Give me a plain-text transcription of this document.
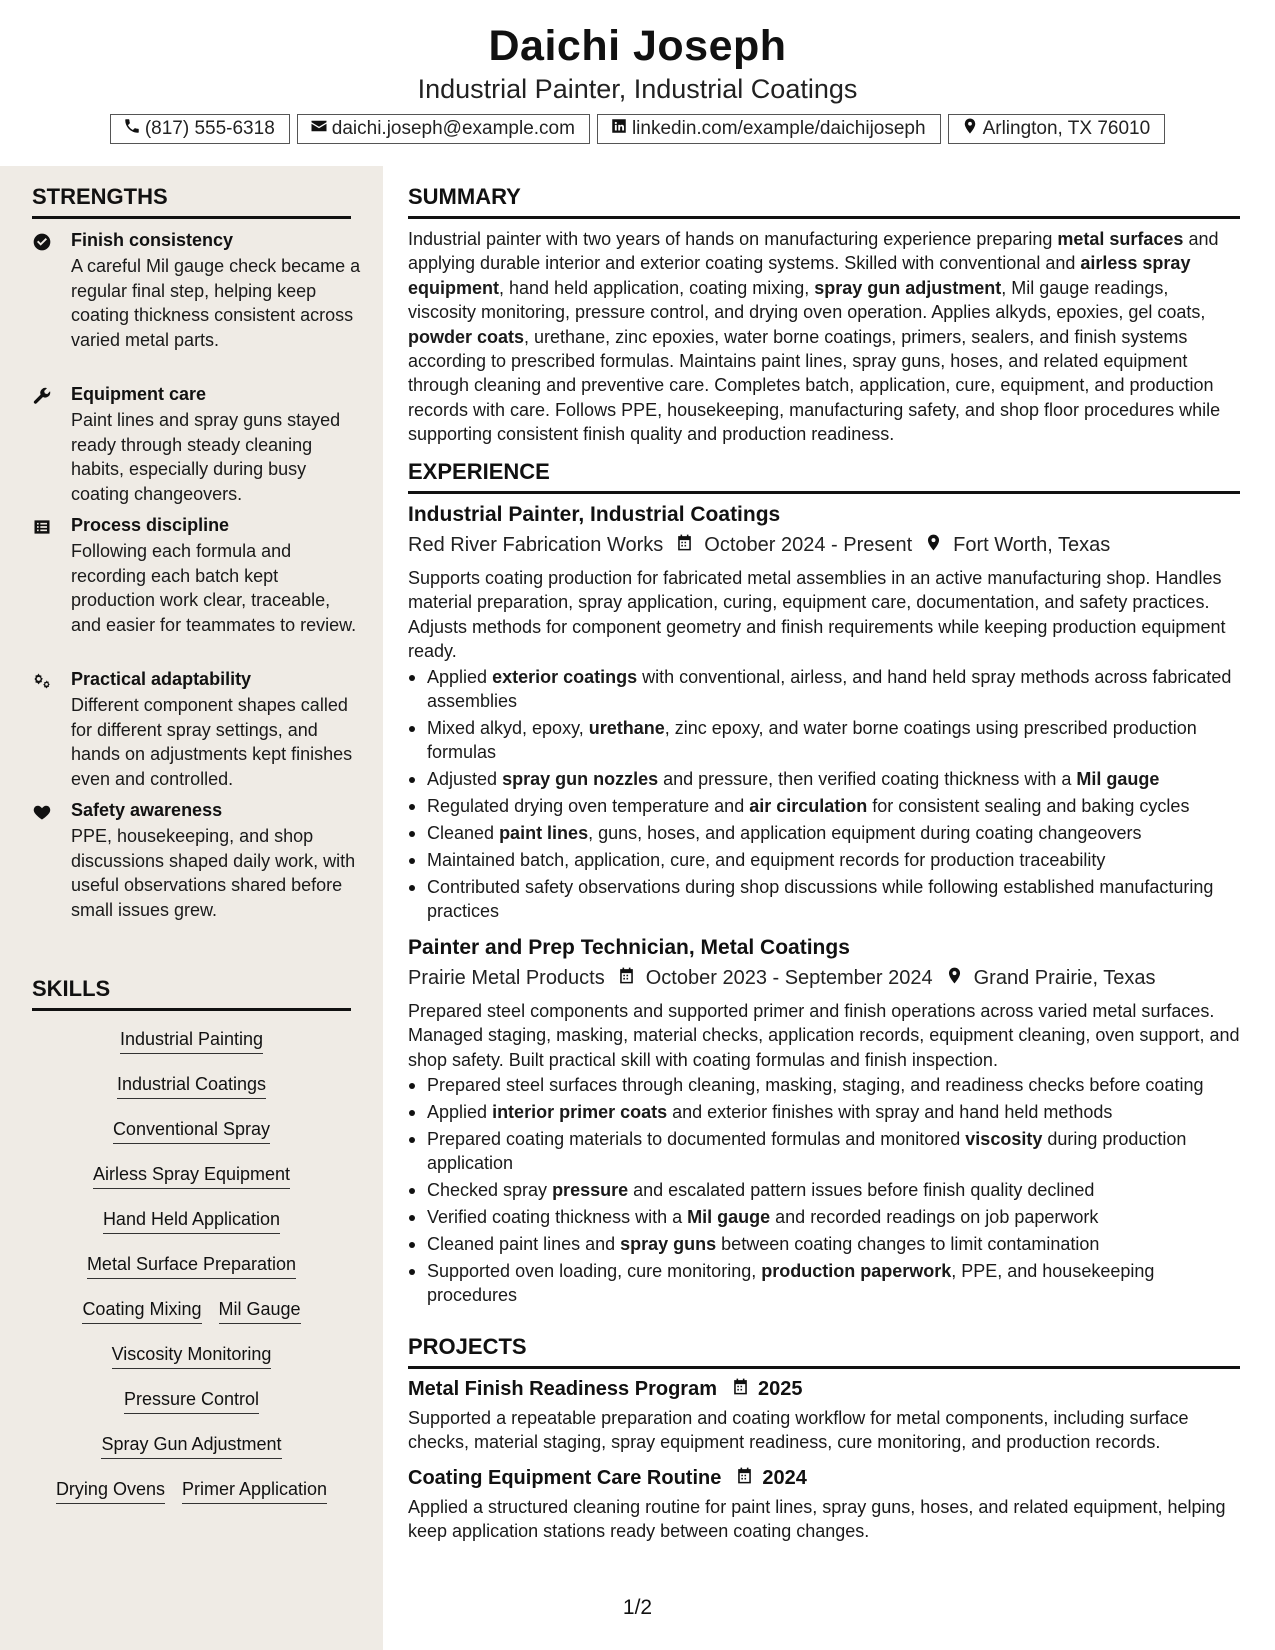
Daichi Joseph
Industrial Painter, Industrial Coatings
(817) 555-6318	daichi.joseph@example.com	linkedin.com/example/daichijoseph	Arlington, TX 76010
STRENGTHS
Finish consistency
A careful Mil gauge check became a regular final step, helping keep coating thickness consistent across varied metal parts.
Equipment care
Paint lines and spray guns stayed ready through steady cleaning habits, especially during busy coating changeovers.
Process discipline
Following each formula and recording each batch kept production work clear, traceable, and easier for teammates to review.
Practical adaptability
Different component shapes called for different spray settings, and hands on adjustments kept finishes even and controlled.
Safety awareness
PPE, housekeeping, and shop discussions shaped daily work, with useful observations shared before small issues grew.
SKILLS
Industrial Painting
Industrial Coatings
Conventional Spray
Airless Spray Equipment
Hand Held Application
Metal Surface Preparation
Coating Mixing Mil Gauge
Viscosity Monitoring
Pressure Control
Spray Gun Adjustment
Drying Ovens Primer Application
SUMMARY
Industrial painter with two years of hands on manufacturing experience preparing metal surfaces and applying durable interior and exterior coating systems. Skilled with conventional and airless spray equipment, hand held application, coating mixing, spray gun adjustment, Mil gauge readings, viscosity monitoring, pressure control, and drying oven operation. Applies alkyds, epoxies, gel coats, powder coats, urethane, zinc epoxies, water borne coatings, primers, sealers, and finish systems according to prescribed formulas. Maintains paint lines, spray guns, hoses, and related equipment through cleaning and preventive care. Completes batch, application, cure, equipment, and production records with care. Follows PPE, housekeeping, manufacturing safety, and shop floor procedures while supporting consistent finish quality and production readiness.
EXPERIENCE
Industrial Painter, Industrial Coatings
Red River Fabrication Works October 2024 - Present Fort Worth, Texas
Supports coating production for fabricated metal assemblies in an active manufacturing shop. Handles material preparation, spray application, curing, equipment care, documentation, and safety practices. Adjusts methods for component geometry and finish requirements while keeping production equipment ready.
Applied exterior coatings with conventional, airless, and hand held spray methods across fabricated assemblies
Mixed alkyd, epoxy, urethane, zinc epoxy, and water borne coatings using prescribed production formulas
Adjusted spray gun nozzles and pressure, then verified coating thickness with a Mil gauge
Regulated drying oven temperature and air circulation for consistent sealing and baking cycles
Cleaned paint lines, guns, hoses, and application equipment during coating changeovers
Maintained batch, application, cure, and equipment records for production traceability
Contributed safety observations during shop discussions while following established manufacturing practices
Painter and Prep Technician, Metal Coatings
Prairie Metal Products October 2023 - September 2024 Grand Prairie, Texas
Prepared steel components and supported primer and finish operations across varied metal surfaces. Managed staging, masking, material checks, application records, equipment cleaning, oven support, and shop safety. Built practical skill with coating formulas and finish inspection.
Prepared steel surfaces through cleaning, masking, staging, and readiness checks before coating
Applied interior primer coats and exterior finishes with spray and hand held methods
Prepared coating materials to documented formulas and monitored viscosity during production application
Checked spray pressure and escalated pattern issues before finish quality declined
Verified coating thickness with a Mil gauge and recorded readings on job paperwork
Cleaned paint lines and spray guns between coating changes to limit contamination
Supported oven loading, cure monitoring, production paperwork, PPE, and housekeeping procedures
PROJECTS
Metal Finish Readiness Program 2025
Supported a repeatable preparation and coating workflow for metal components, including surface checks, material staging, spray equipment readiness, cure monitoring, and production records.
Coating Equipment Care Routine 2024
Applied a structured cleaning routine for paint lines, spray guns, hoses, and related equipment, helping keep application stations ready between coating changes.
1/2
